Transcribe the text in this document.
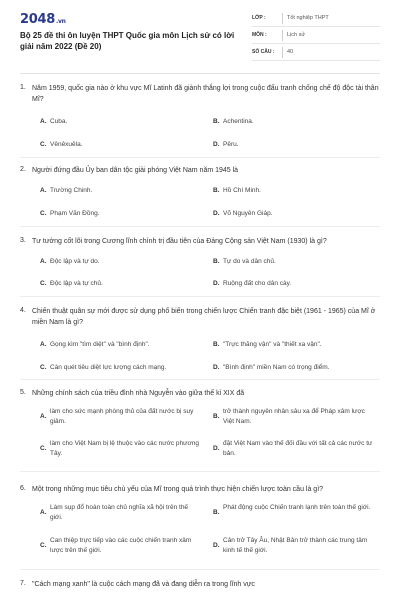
2048.vn
Bộ 25 đề thi ôn luyện THPT Quốc gia môn Lịch sử có lời giải năm 2022 (Đề 20)
LỚP :	Tốt nghiệp THPT
MÔN :	Lịch sử
SỐ CÂU :	40
1. Năm 1959, quốc gia nào ở khu vực Mĩ Latinh đã giành thắng lợi trong cuộc đấu tranh chống chế độ độc tài thân Mĩ?
A. Cuba.	B. Achentina.
C. Vênêxuêla.	D. Pêru.
2. Người đứng đầu Ủy ban dân tộc giải phóng Việt Nam năm 1945 là
A. Trường Chinh.	B. Hồ Chí Minh.
C. Phạm Văn Đồng.	D. Võ Nguyên Giáp.
3. Tư tưởng cốt lõi trong Cương lĩnh chính trị đầu tiên của Đảng Cộng sản Việt Nam (1930) là gì?
A. Độc lập và tự do.	B. Tự do và dân chủ.
C. Độc lập và tự chủ.	D. Ruộng đất cho dân cày.
4. Chiến thuật quân sự mới được sử dụng phổ biến trong chiến lược Chiến tranh đặc biệt (1961 - 1965) của Mĩ ở miền Nam là gì?
A. Gọng kìm "tìm diệt" và "bình định".	B. "Trực thăng vận" và "thiết xa vận".
C. Càn quét tiêu diệt lực lượng cách mạng.	D. "Bình định" miền Nam có trọng điểm.
5. Những chính sách của triều đình nhà Nguyễn vào giữa thế kỉ XIX đã
A.
làm cho sức mạnh phòng thủ của đất nước bị suy giảm.
B.
trở thành nguyên nhân sâu xa để Pháp xâm lược Việt Nam.
C.
làm cho Việt Nam bị lệ thuộc vào các nước phương Tây.
D.
đặt Việt Nam vào thế đối đầu với tất cả các nước tư bản.
6. Một trong những mục tiêu chủ yếu của Mĩ trong quá trình thực hiện chiến lược toàn cầu là gì?
A.
Làm sụp đổ hoàn toàn chủ nghĩa xã hội trên thế giới.
B.
Phát động cuộc Chiến tranh lạnh trên toàn thế giới.
C.
Can thiệp trực tiếp vào các cuộc chiến tranh xâm lược trên thế giới.
D.
Cản trở Tây Âu, Nhật Bản trở thành các trung tâm kinh tế thế giới.
7. "Cách mạng xanh" là cuộc cách mạng đã và đang diễn ra trong lĩnh vực
